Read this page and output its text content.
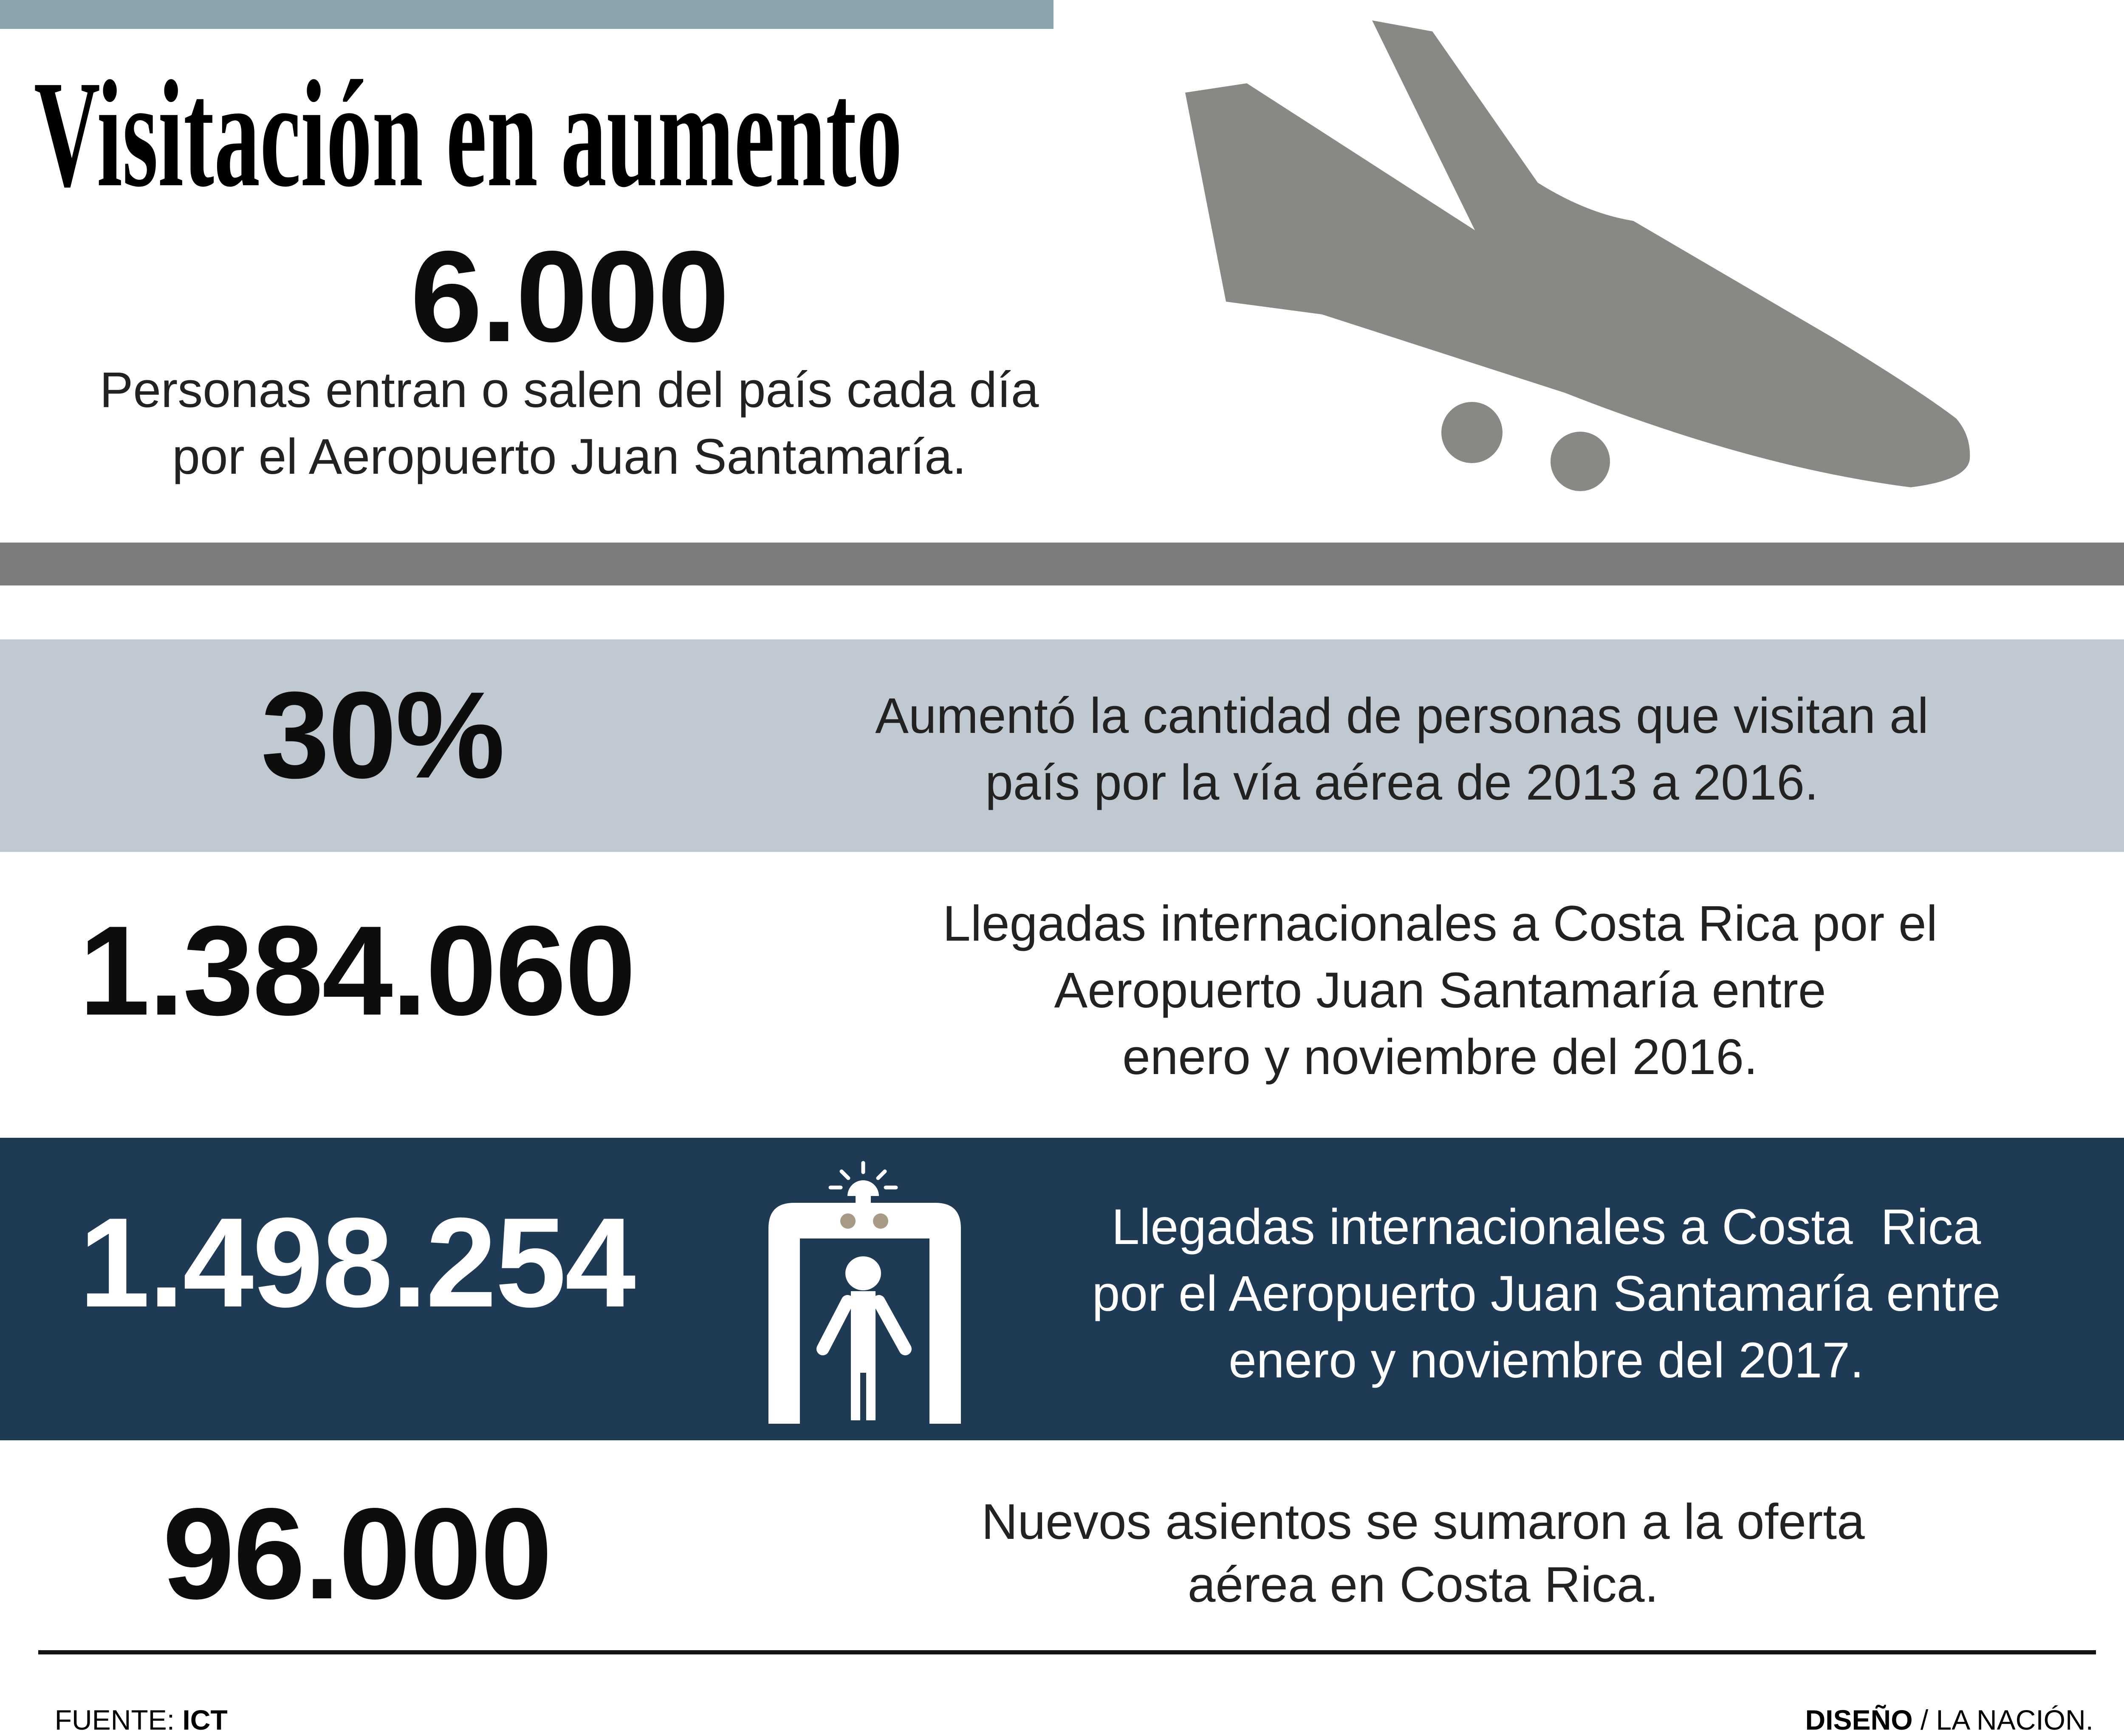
Visitación en aumento
6.000
Personas entran o salen del país cada día
por el Aeropuerto Juan Santamaría.
30%	Aumentó la cantidad de personas que visitan al
país por la vía aérea de 2013 a 2016.
1.384.060	Llegadas internacionales a Costa Rica por el
Aeropuerto Juan Santamaría entre
enero y noviembre del 2016.
1.498.254	Llegadas internacionales a Costa  Rica
por el Aeropuerto Juan Santamaría entre
enero y noviembre del 2017.
96.000	Nuevos asientos se sumaron a la oferta
aérea en Costa Rica.

FUENTE: ICT	DISEÑO / LA NACIÓN.
